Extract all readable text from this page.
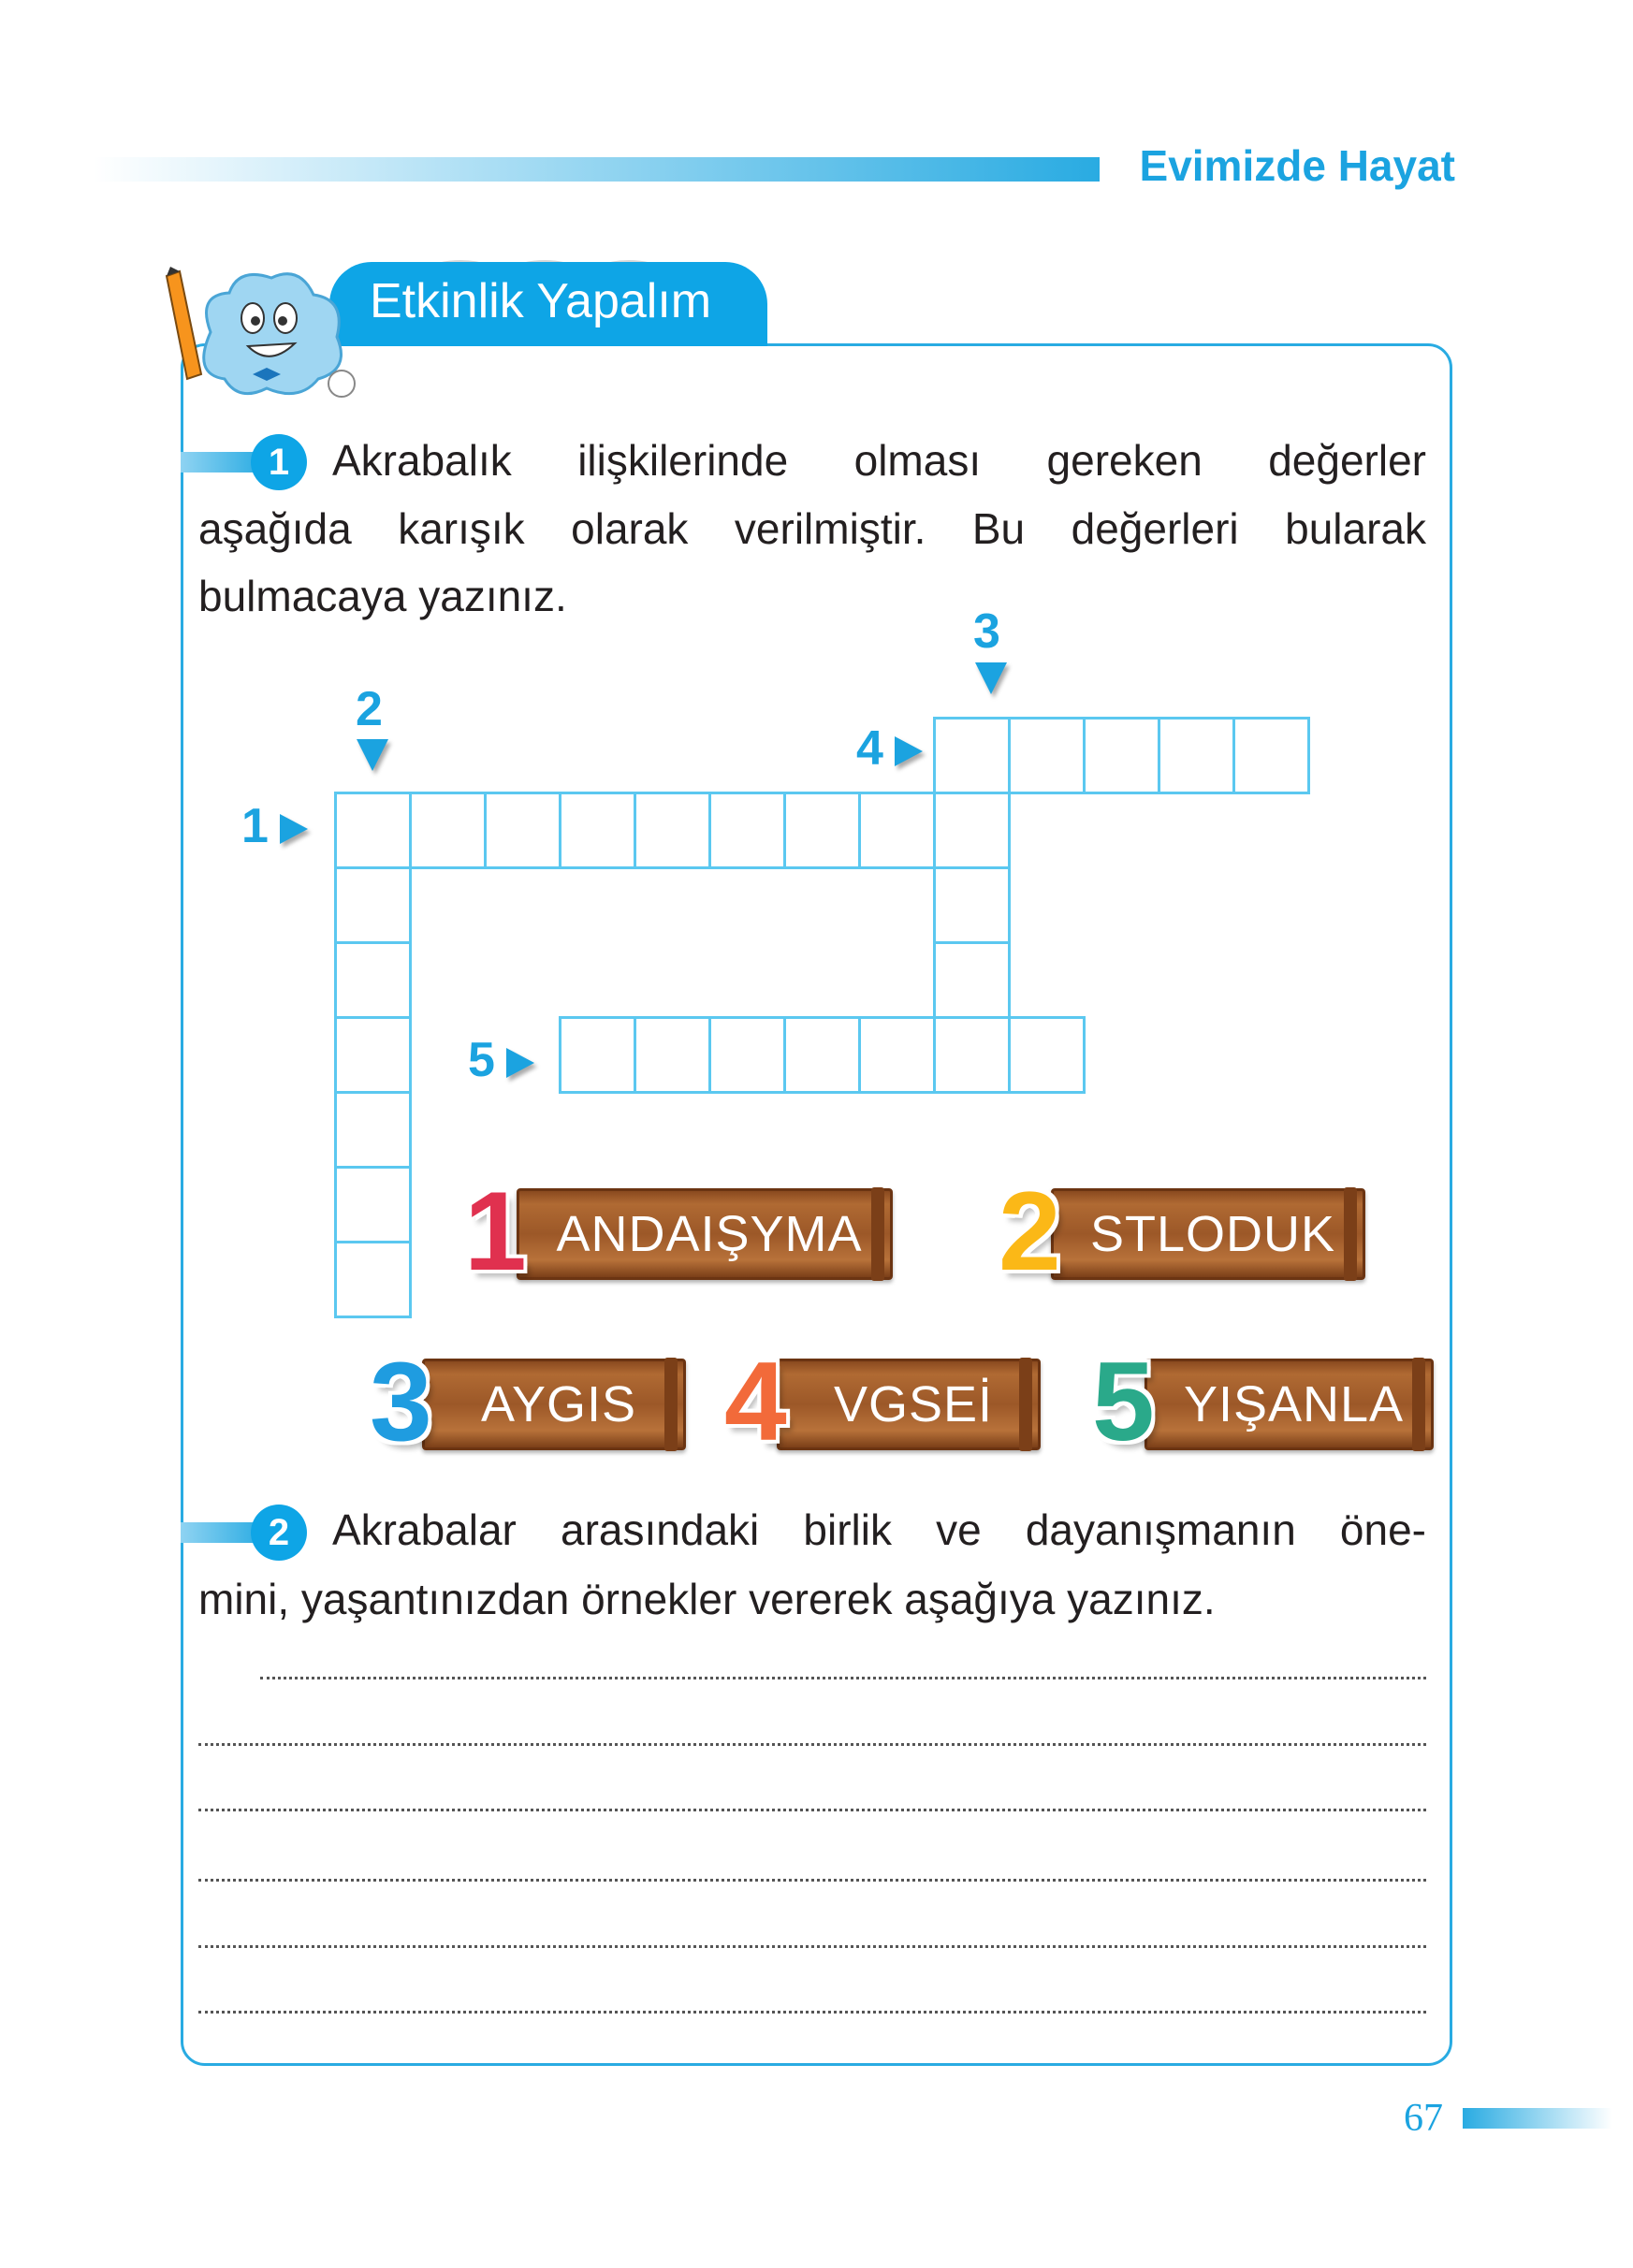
Evimizde Hayat
Etkinlik Yapalım
1 Akrabalık ilişkilerinde olması gereken değerler
aşağıda karışık olarak verilmiştir. Bu değerleri bularak
bulmacaya yazınız.
1
2
3
4
5
1 ANDAIŞYMA 2 STLODUK
3 AYGIS 4 VGSEİ 5 YIŞANLA
2 Akrabalar arasındaki birlik ve dayanışmanın öne-
mini, yaşantınızdan örnekler vererek aşağıya yazınız.
67
